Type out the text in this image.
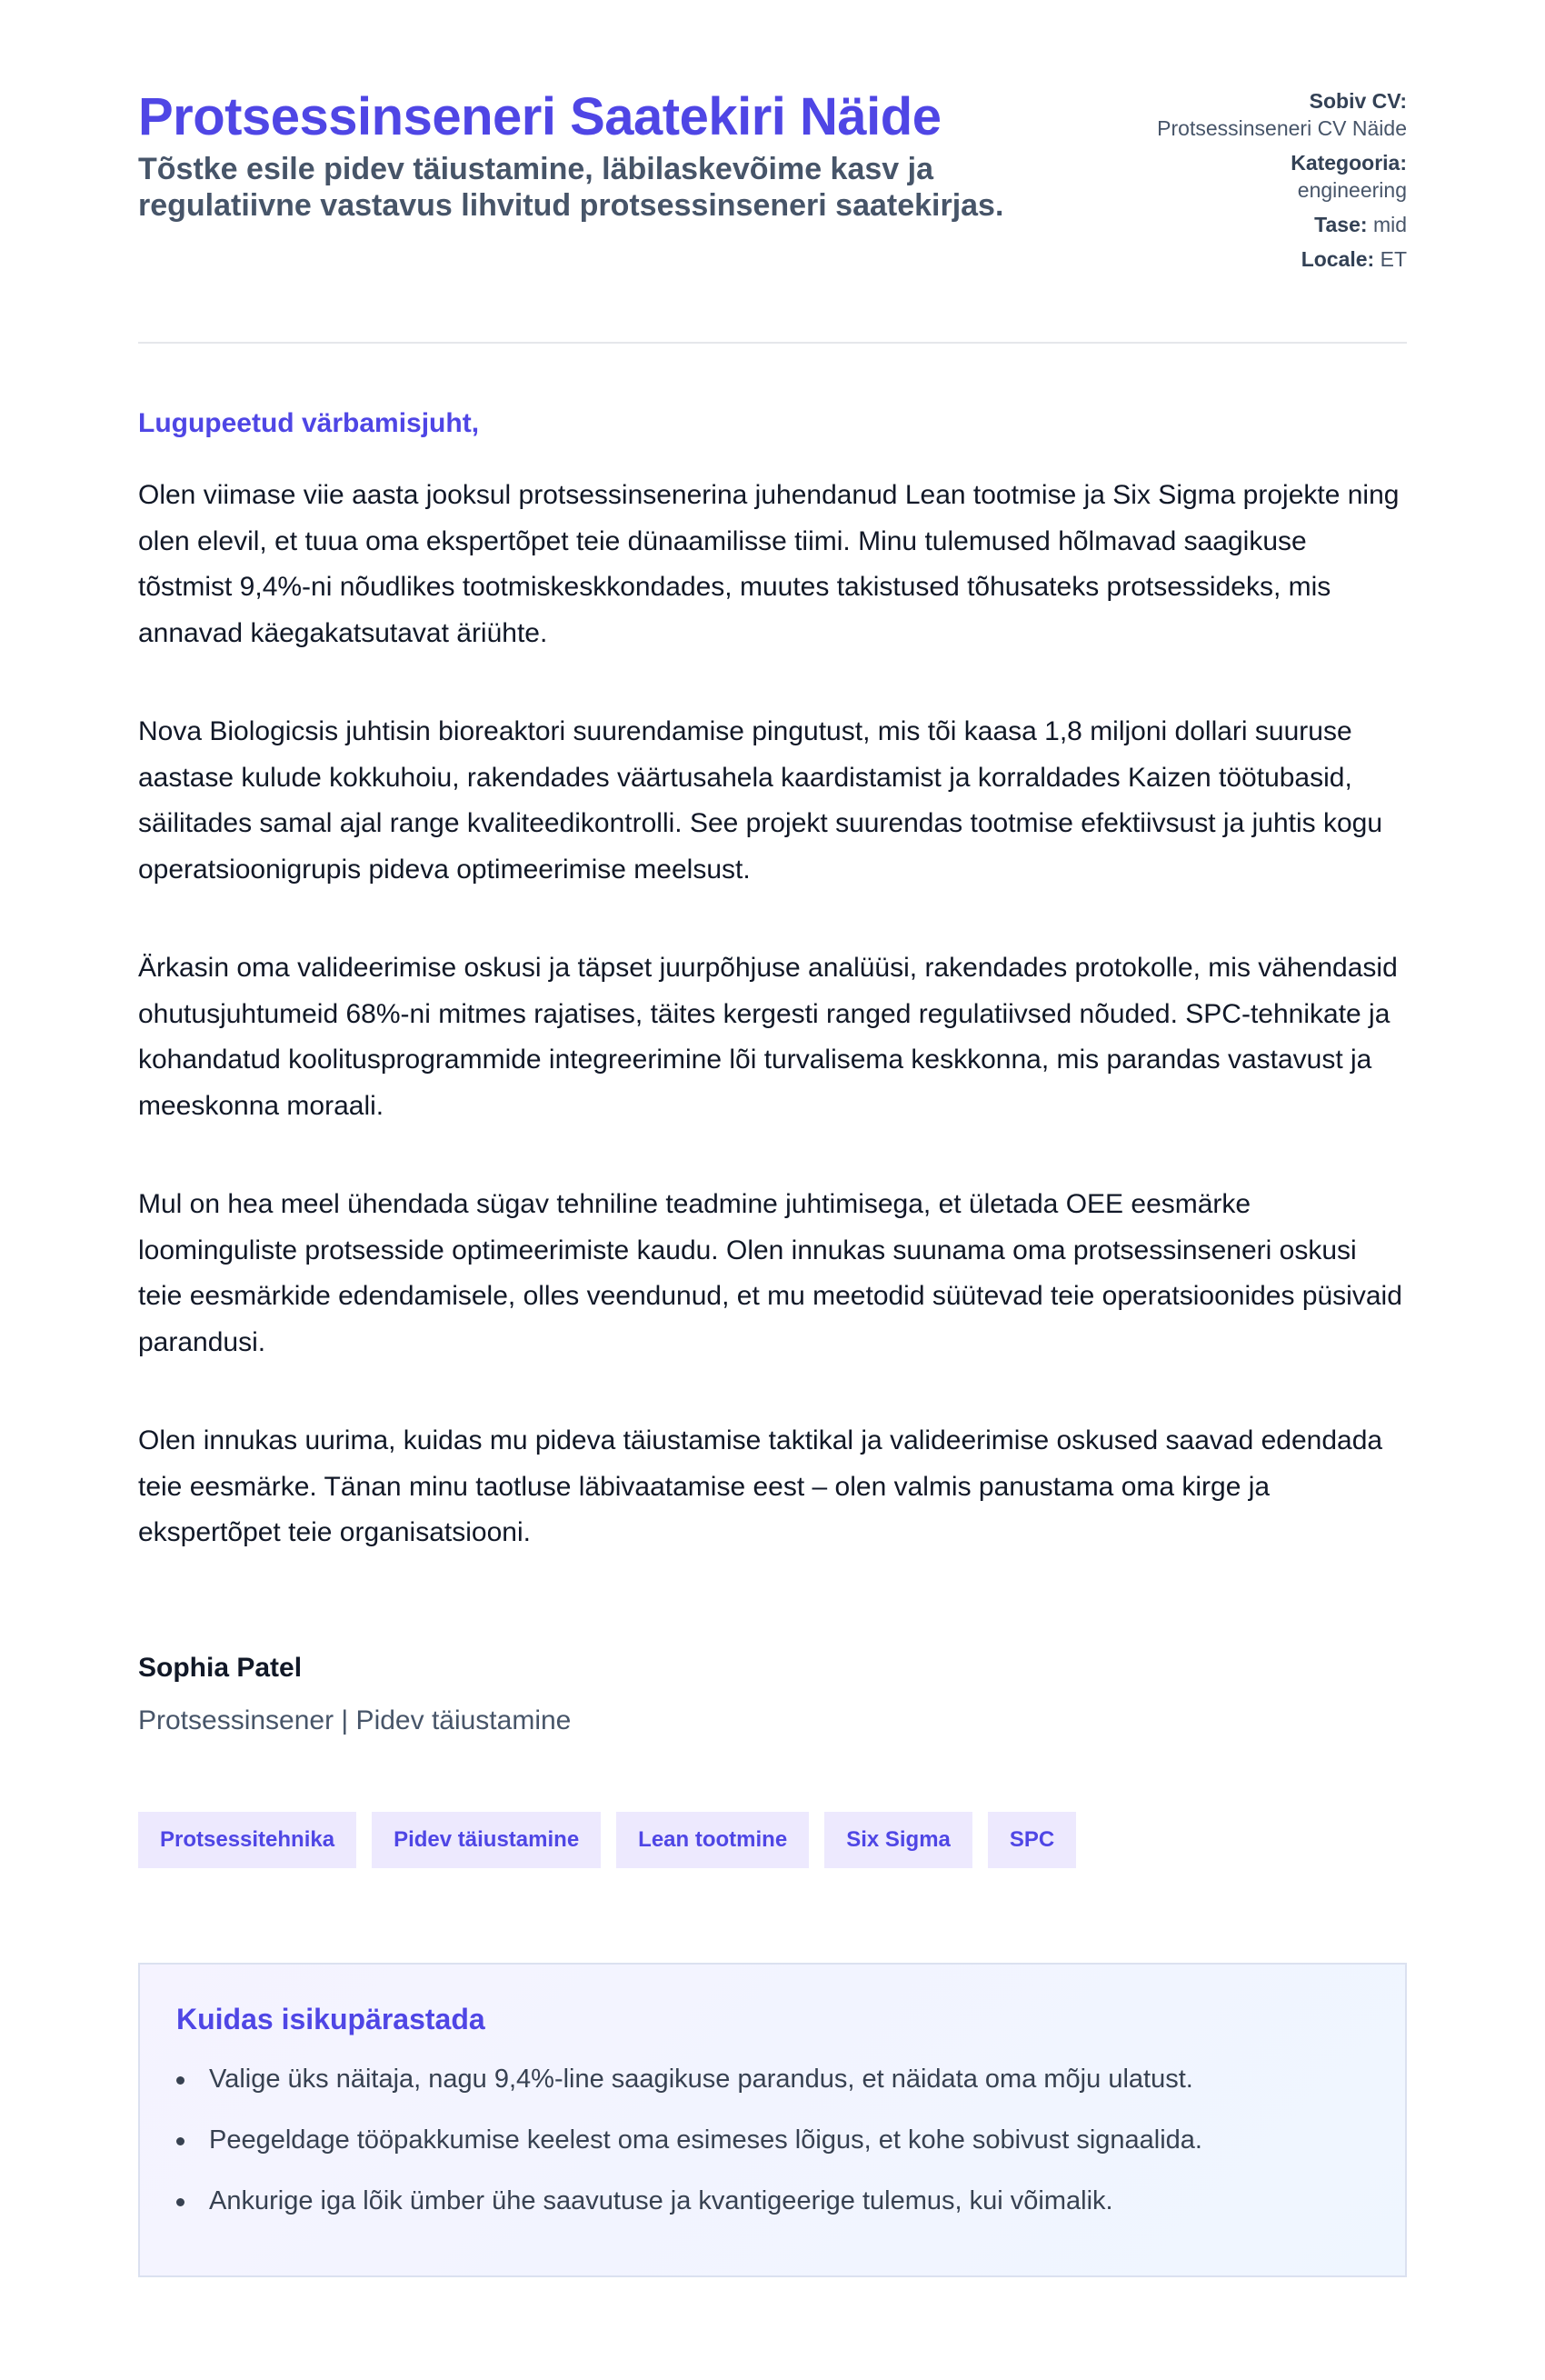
Protsessinseneri Saatekiri Näide
Tõstke esile pidev täiustamine, läbilaskevõime kasv ja regulatiivne vastavus lihvitud protsessinseneri saatekirjas.
Sobiv CV:
Protsessinseneri CV Näide
Kategooria:
engineering
Tase: mid
Locale: ET
Lugupeetud värbamisjuht,

Olen viimase viie aasta jooksul protsessinsenerina juhendanud Lean tootmise ja Six Sigma projekte ning olen elevil, et tuua oma ekspertõpet teie dünaamilisse tiimi. Minu tulemused hõlmavad saagikuse tõstmist 9,4%-ni nõudlikes tootmiskeskkondades, muutes takistused tõhusateks protsessideks, mis annavad käegakatsutavat äriühte.

Nova Biologicsis juhtisin bioreaktori suurendamise pingutust, mis tõi kaasa 1,8 miljoni dollari suuruse aastase kulude kokkuhoiu, rakendades väärtusahela kaardistamist ja korraldades Kaizen töötubasid, säilitades samal ajal range kvaliteedikontrolli. See projekt suurendas tootmise efektiivsust ja juhtis kogu operatsioonigrupis pideva optimeerimise meelsust.

Ärkasin oma valideerimise oskusi ja täpset juurpõhjuse analüüsi, rakendades protokolle, mis vähendasid ohutusjuhtumeid 68%-ni mitmes rajatises, täites kergesti ranged regulatiivsed nõuded. SPC-tehnikate ja kohandatud koolitusprogrammide integreerimine lõi turvalisema keskkonna, mis parandas vastavust ja meeskonna moraali.

Mul on hea meel ühendada sügav tehniline teadmine juhtimisega, et ületada OEE eesmärke loominguliste protsesside optimeerimiste kaudu. Olen innukas suunama oma protsessinseneri oskusi teie eesmärkide edendamisele, olles veendunud, et mu meetodid süütevad teie operatsioonides püsivaid parandusi.

Olen innukas uurima, kuidas mu pideva täiustamise taktikal ja valideerimise oskused saavad edendada teie eesmärke. Tänan minu taotluse läbivaatamise eest – olen valmis panustama oma kirge ja ekspertõpet teie organisatsiooni.

Sophia Patel
Protsessinsener | Pidev täiustamine
Protsessitehnika	Pidev täiustamine	Lean tootmine	Six Sigma	SPC
Kuidas isikupärastada
Valige üks näitaja, nagu 9,4%-line saagikuse parandus, et näidata oma mõju ulatust.
Peegeldage tööpakkumise keelest oma esimeses lõigus, et kohe sobivust signaalida.
Ankurige iga lõik ümber ühe saavutuse ja kvantigeerige tulemus, kui võimalik.
